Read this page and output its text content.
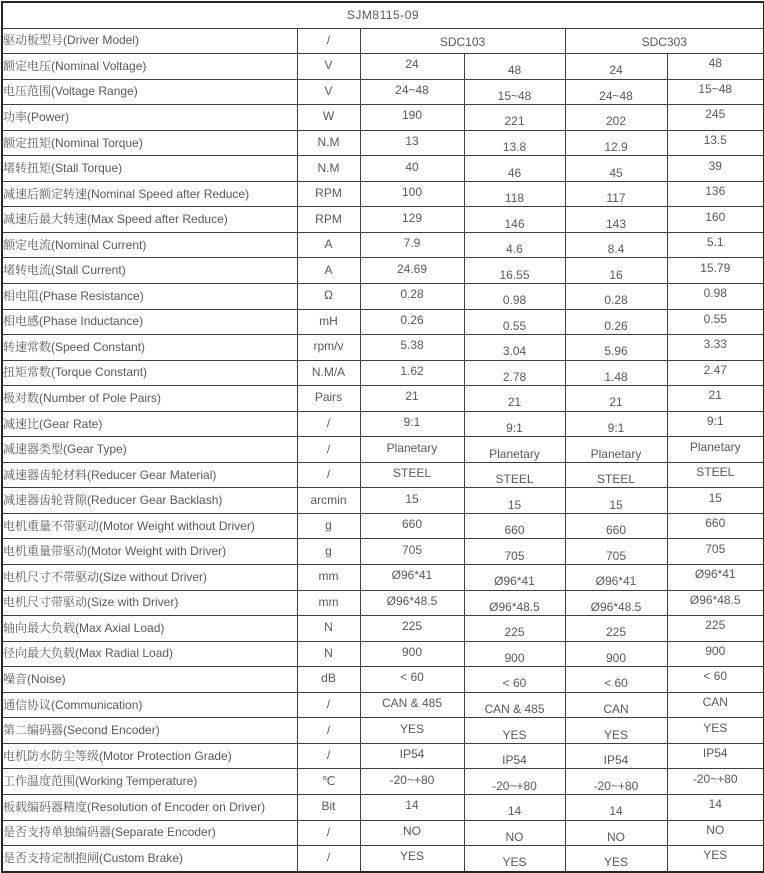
SJM8115-09					
驱动板型号(Driver Model)	/	SDC103		SDC303	
额定电压(Nominal Voltage)	V	24	48	24	48
电压范围(Voltage Range)	V	24~48	15~48	24~48	15~48
功率(Power)	W	190	221	202	245
额定扭矩(Nominal Torque)	N.M	13	13.8	12.9	13.5
堵转扭矩(Stall Torque)	N.M	40	46	45	39
减速后额定转速(Nominal Speed after Reduce)	RPM	100	118	117	136
减速后最大转速(Max Speed after Reduce)	RPM	129	146	143	160
额定电流(Nominal Current)	A	7.9	4.6	8.4	5.1
堵转电流(Stall Current)	A	24.69	16.55	16	15.79
相电阻(Phase Resistance)	Ω	0.28	0.98	0.28	0.98
相电感(Phase Inductance)	mH	0.26	0.55	0.26	0.55
转速常数(Speed Constant)	rpm/v	5.38	3.04	5.96	3.33
扭矩常数(Torque Constant)	N.M/A	1.62	2.78	1.48	2.47
极对数(Number of Pole Pairs)	Pairs	21	21	21	21
减速比(Gear Rate)	/	9:1	9:1	9:1	9:1
减速器类型(Gear Type)	/	Planetary	Planetary	Planetary	Planetary
减速器齿轮材料(Reducer Gear Material)	/	STEEL	STEEL	STEEL	STEEL
减速器齿轮背隙(Reducer Gear Backlash)	arcmin	15	15	15	15
电机重量不带驱动(Motor Weight without Driver)	g	660	660	660	660
电机重量带驱动(Motor Weight with Driver)	g	705	705	705	705
电机尺寸不带驱动(Size without Driver)	mm	Ø96*41	Ø96*41	Ø96*41	Ø96*41
电机尺寸带驱动(Size with Driver)	mm	Ø96*48.5	Ø96*48.5	Ø96*48.5	Ø96*48.5
轴向最大负载(Max Axial Load)	N	225	225	225	225
径向最大负载(Max Radial Load)	N	900	900	900	900
噪音(Noise)	dB	< 60	< 60	< 60	< 60
通信协议(Communication)	/	CAN & 485	CAN & 485	CAN	CAN
第二编码器(Second Encoder)	/	YES	YES	YES	YES
电机防水防尘等级(Motor Protection Grade)	/	IP54	IP54	IP54	IP54
工作温度范围(Working Temperature)	℃	-20~+80	-20~+80	-20~+80	-20~+80
板载编码器精度(Resolution of Encoder on Driver)	Bit	14	14	14	14
是否支持单独编码器(Separate Encoder)	/	NO	NO	NO	NO
是否支持定制抱闸(Custom Brake)	/	YES	YES	YES	YES
